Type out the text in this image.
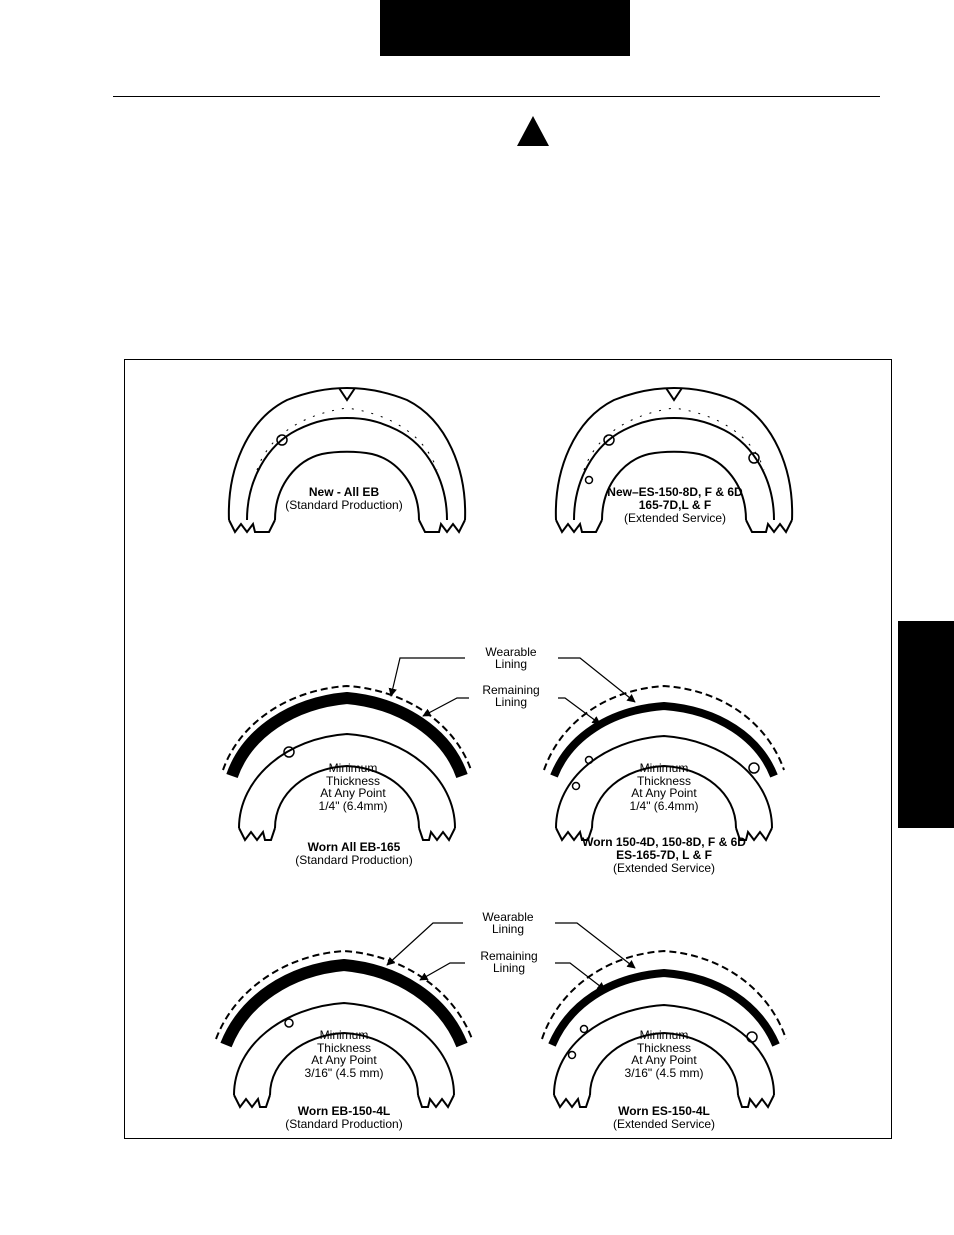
New - All EB
(Standard Production)
New–ES-150-8D, F & 6D
165-7D,L & F
(Extended Service)
Wearable
Lining
Remaining
Lining
Minimum
Thickness
At Any Point
1/4" (6.4mm)
Minimum
Thickness
At Any Point
1/4" (6.4mm)
Worn All EB-165
(Standard Production)
Worn 150-4D, 150-8D, F & 6D
ES-165-7D, L & F
(Extended Service)
Wearable
Lining
Remaining
Lining
Minimum
Thickness
At Any Point
3/16" (4.5 mm)
Minimum
Thickness
At Any Point
3/16" (4.5 mm)
Worn EB-150-4L
(Standard Production)
Worn ES-150-4L
(Extended Service)
